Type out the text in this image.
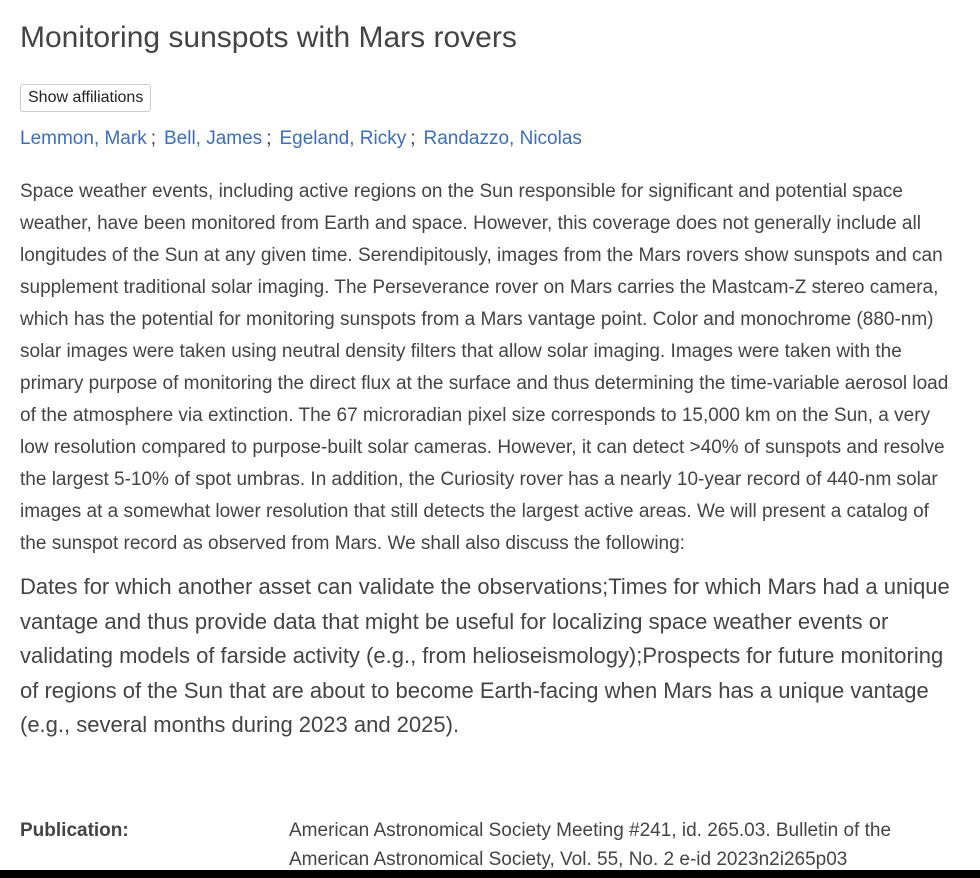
Monitoring sunspots with Mars rovers
Show affiliations
Lemmon, Mark ; Bell, James ; Egeland, Ricky ; Randazzo, Nicolas
Space weather events, including active regions on the Sun responsible for significant and potential space weather, have been monitored from Earth and space. However, this coverage does not generally include all longitudes of the Sun at any given time. Serendipitously, images from the Mars rovers show sunspots and can supplement traditional solar imaging. The Perseverance rover on Mars carries the Mastcam-Z stereo camera, which has the potential for monitoring sunspots from a Mars vantage point. Color and monochrome (880-nm) solar images were taken using neutral density filters that allow solar imaging. Images were taken with the primary purpose of monitoring the direct flux at the surface and thus determining the time-variable aerosol load of the atmosphere via extinction. The 67 microradian pixel size corresponds to 15,000 km on the Sun, a very low resolution compared to purpose-built solar cameras. However, it can detect >40% of sunspots and resolve the largest 5-10% of spot umbras. In addition, the Curiosity rover has a nearly 10-year record of 440-nm solar images at a somewhat lower resolution that still detects the largest active areas. We will present a catalog of the sunspot record as observed from Mars. We shall also discuss the following:
Dates for which another asset can validate the observations;Times for which Mars had a unique vantage and thus provide data that might be useful for localizing space weather events or validating models of farside activity (e.g., from helioseismology);Prospects for future monitoring of regions of the Sun that are about to become Earth-facing when Mars has a unique vantage (e.g., several months during 2023 and 2025).
Publication:	American Astronomical Society Meeting #241, id. 265.03. Bulletin of the American Astronomical Society, Vol. 55, No. 2 e-id 2023n2i265p03
